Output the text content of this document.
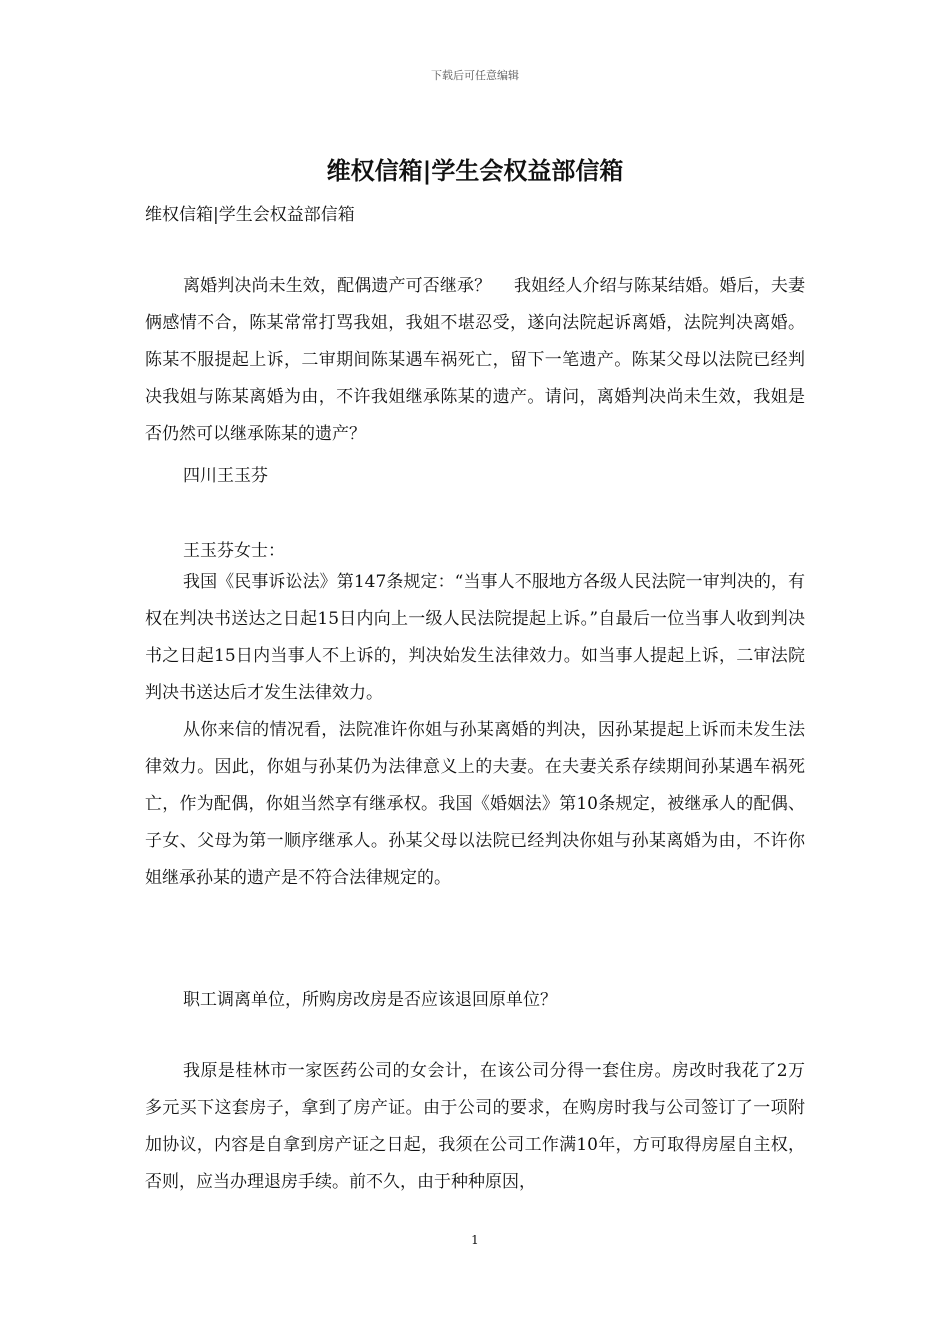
下载后可任意编辑
维权信箱|学生会权益部信箱
维权信箱|学生会权益部信箱

离婚判决尚未生效，配偶遗产可否继承？　 我姐经人介绍与陈某结婚。婚后，夫妻俩感情不合，陈某常常打骂我姐，我姐不堪忍受，遂向法院起诉离婚，法院判决离婚。陈某不服提起上诉，二审期间陈某遇车祸死亡，留下一笔遗产。陈某父母以法院已经判决我姐与陈某离婚为由，不许我姐继承陈某的遗产。请问，离婚判决尚未生效，我姐是否仍然可以继承陈某的遗产？

四川王玉芬
王玉芬女士：

我国《民事诉讼法》第147条规定：“当事人不服地方各级人民法院一审判决的，有权在判决书送达之日起15日内向上一级人民法院提起上诉。”自最后一位当事人收到判决书之日起15日内当事人不上诉的，判决始发生法律效力。如当事人提起上诉，二审法院判决书送达后才发生法律效力。

从你来信的情况看，法院准许你姐与孙某离婚的判决，因孙某提起上诉而未发生法律效力。因此，你姐与孙某仍为法律意义上的夫妻。在夫妻关系存续期间孙某遇车祸死亡，作为配偶，你姐当然享有继承权。我国《婚姻法》第10条规定，被继承人的配偶、子女、父母为第一顺序继承人。孙某父母以法院已经判决你姐与孙某离婚为由，不许你姐继承孙某的遗产是不符合法律规定的。

职工调离单位，所购房改房是否应该退回原单位？

我原是桂林市一家医药公司的女会计，在该公司分得一套住房。房改时我花了2万多元买下这套房子，拿到了房产证。由于公司的要求，在购房时我与公司签订了一项附加协议，内容是自拿到房产证之日起，我须在公司工作满10年，方可取得房屋自主权，否则，应当办理退房手续。前不久，由于种种原因，

1
